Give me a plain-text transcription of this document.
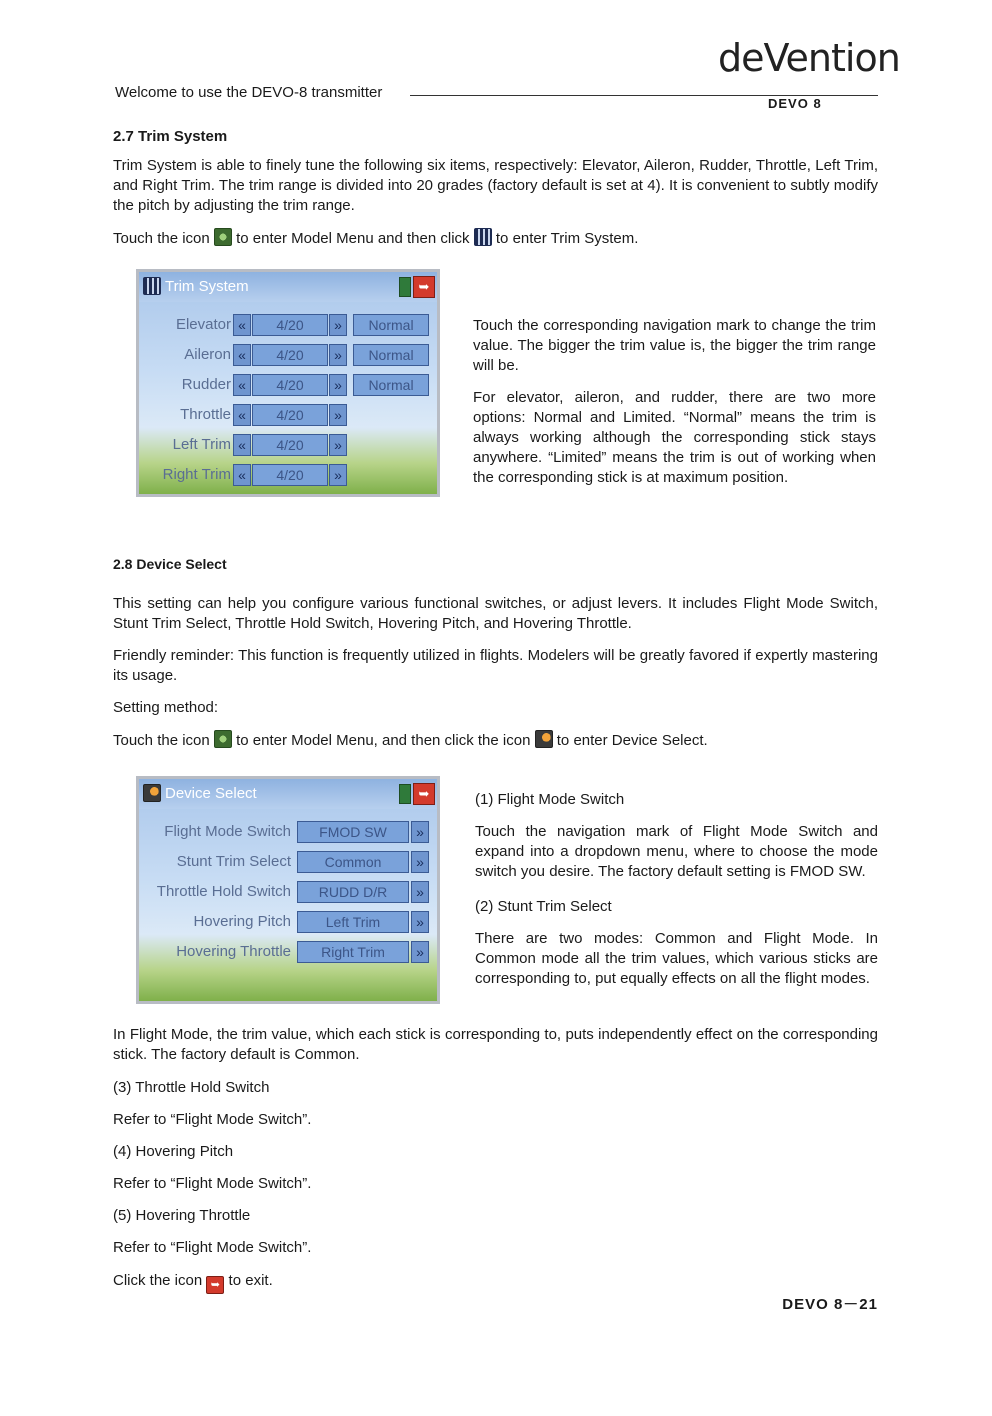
Welcome to use the DEVO-8 transmitter
deVention
DEVO 8
2.7 Trim System
Trim System is able to finely tune the following six items, respectively: Elevator, Aileron, Rudder, Throttle, Left Trim, and Right Trim. The trim range is divided into 20 grades (factory default is set at 4). It is convenient to subtly modify the pitch by adjusting the trim range.
Touch the icon to enter Model Menu and then click to enter Trim System.
Trim System	➥
Elevator «	4/20	»	Normal
Aileron «	4/20	»	Normal
Rudder «	4/20	»	Normal
Throttle «	4/20	»
Left Trim «	4/20	»
Right Trim «	4/20	»
Touch the corresponding navigation mark to change the trim value. The bigger the trim value is, the bigger the trim range will be.
For elevator, aileron, and rudder, there are two more options: Normal and Limited. “Normal” means the trim is always working although the corresponding stick stays anywhere. “Limited” means the trim is out of working when the corresponding stick is at maximum position.
2.8 Device Select
This setting can help you configure various functional switches, or adjust levers. It includes Flight Mode Switch, Stunt Trim Select, Throttle Hold Switch, Hovering Pitch, and Hovering Throttle.
Friendly reminder: This function is frequently utilized in flights. Modelers will be greatly favored if expertly mastering its usage.
Setting method:
Touch the icon to enter Model Menu, and then click the icon to enter Device Select.
Device Select	➥
Flight Mode Switch	FMOD SW	»
Stunt Trim Select	Common	»
Throttle Hold Switch	RUDD D/R	»
Hovering Pitch	Left Trim	»
Hovering Throttle	Right Trim	»
(1) Flight Mode Switch
Touch the navigation mark of Flight Mode Switch and expand into a dropdown menu, where to choose the mode switch you desire. The factory default setting is FMOD SW.
(2) Stunt Trim Select
There are two modes: Common and Flight Mode. In Common mode all the trim values, which various sticks are corresponding to, put equally effects on all the flight modes.
In Flight Mode, the trim value, which each stick is corresponding to, puts independently effect on the corresponding stick. The factory default is Common.
(3) Throttle Hold Switch
Refer to “Flight Mode Switch”.
(4) Hovering Pitch
Refer to “Flight Mode Switch”.
(5) Hovering Throttle
Refer to “Flight Mode Switch”.
Click the icon ➥ to exit.
DEVO 8－21
